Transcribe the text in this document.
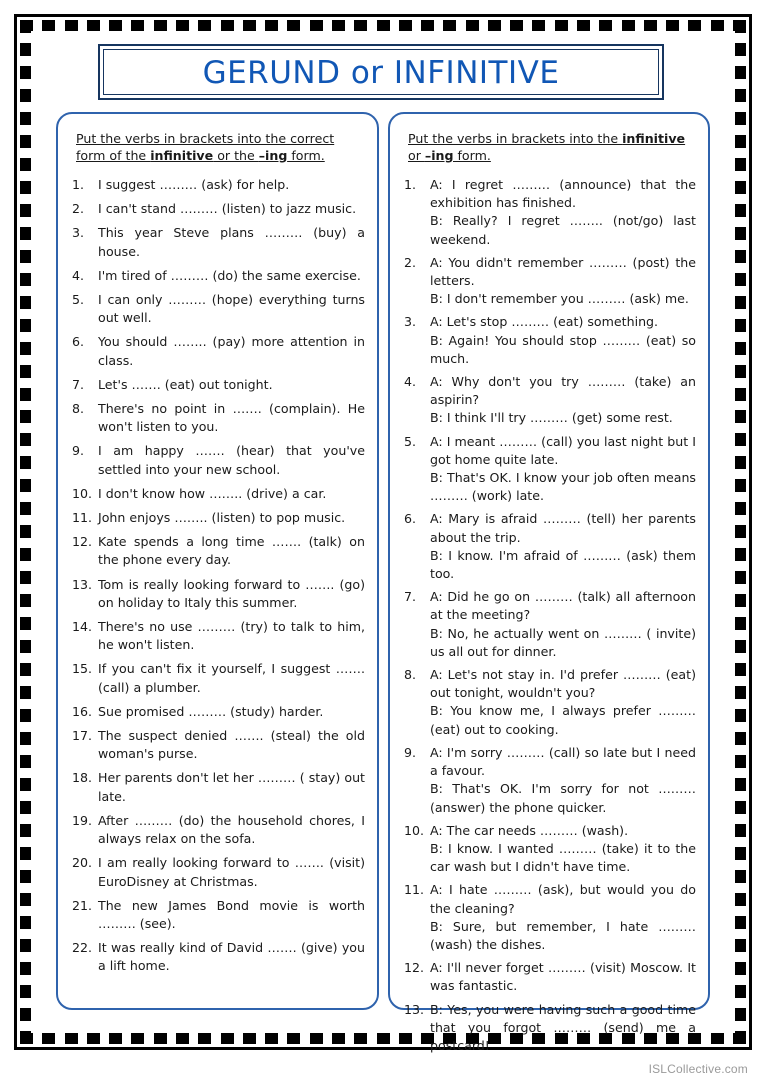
GERUND or INFINITIVE
Put the verbs in brackets into the correct
form of the infinitive or the –ing form.
1.	I suggest ……… (ask) for help.
2.	I can't stand ……… (listen) to jazz music.
3.	This year Steve plans ……… (buy) a house.
4.	I'm tired of ……… (do) the same exercise.
5.	I can only ……… (hope) everything turns out well.
6.	You should …….. (pay) more attention in class.
7.	Let's ……. (eat) out tonight.
8.	There's no point in ……. (complain). He won't listen to you.
9.	I am happy ……. (hear) that you've settled into your new school.
10. I don't know how …….. (drive) a car.
11. John enjoys …….. (listen) to pop music.
12. Kate spends a long time ……. (talk) on the phone every day.
13. Tom is really looking forward to ……. (go) on holiday to Italy this summer.
14. There's no use ……… (try) to talk to him, he won't listen.
15. If you can't fix it yourself, I suggest ……. (call) a plumber.
16. Sue promised ……… (study) harder.
17. The suspect denied ……. (steal) the old woman's purse.
18. Her parents don't let her ……… ( stay) out late.
19. After ……… (do) the household chores, I always relax on the sofa.
20. I am really looking forward to ……. (visit) EuroDisney at Christmas.
21. The new James Bond movie is worth ……… (see).
22. It was really kind of David ……. (give) you a lift home.
Put the verbs in brackets into the infinitive
or –ing form.
1.	A: I regret ……… (announce) that the exhibition has finished.
B: Really? I regret …….. (not/go) last weekend.
2.	A: You didn't remember ……… (post) the letters.
B: I don't remember you ……… (ask) me.
3.	A: Let's stop ……… (eat) something.
B: Again! You should stop ……… (eat) so much.
4.	A: Why don't you try ……… (take) an aspirin?
B: I think I'll try ……… (get) some rest.
5.	A: I meant ……… (call) you last night but I got home quite late.
B: That's OK. I know your job often means ……… (work) late.
6.	A: Mary is afraid ……… (tell) her parents about the trip.
B: I know. I'm afraid of ……… (ask) them too.
7.	A: Did he go on ……… (talk) all afternoon at the meeting?
B: No, he actually went on ……… ( invite) us all out for dinner.
8.	A: Let's not stay in. I'd prefer ……… (eat) out tonight, wouldn't you?
B: You know me, I always prefer ……… (eat) out to cooking.
9.	A: I'm sorry ……… (call) so late but I need a favour.
B: That's OK. I'm sorry for not ……… (answer) the phone quicker.
10. A: The car needs ……… (wash).
B: I know. I wanted ……… (take) it to the car wash but I didn't have time.
11. A: I hate ……… (ask), but would you do the cleaning?
B: Sure, but remember, I hate ……… (wash) the dishes.
12. A: I'll never forget ……… (visit) Moscow. It was fantastic.
13. B: Yes, you were having such a good time that you forgot ……… (send) me a postcard!
ISLCollective.com
